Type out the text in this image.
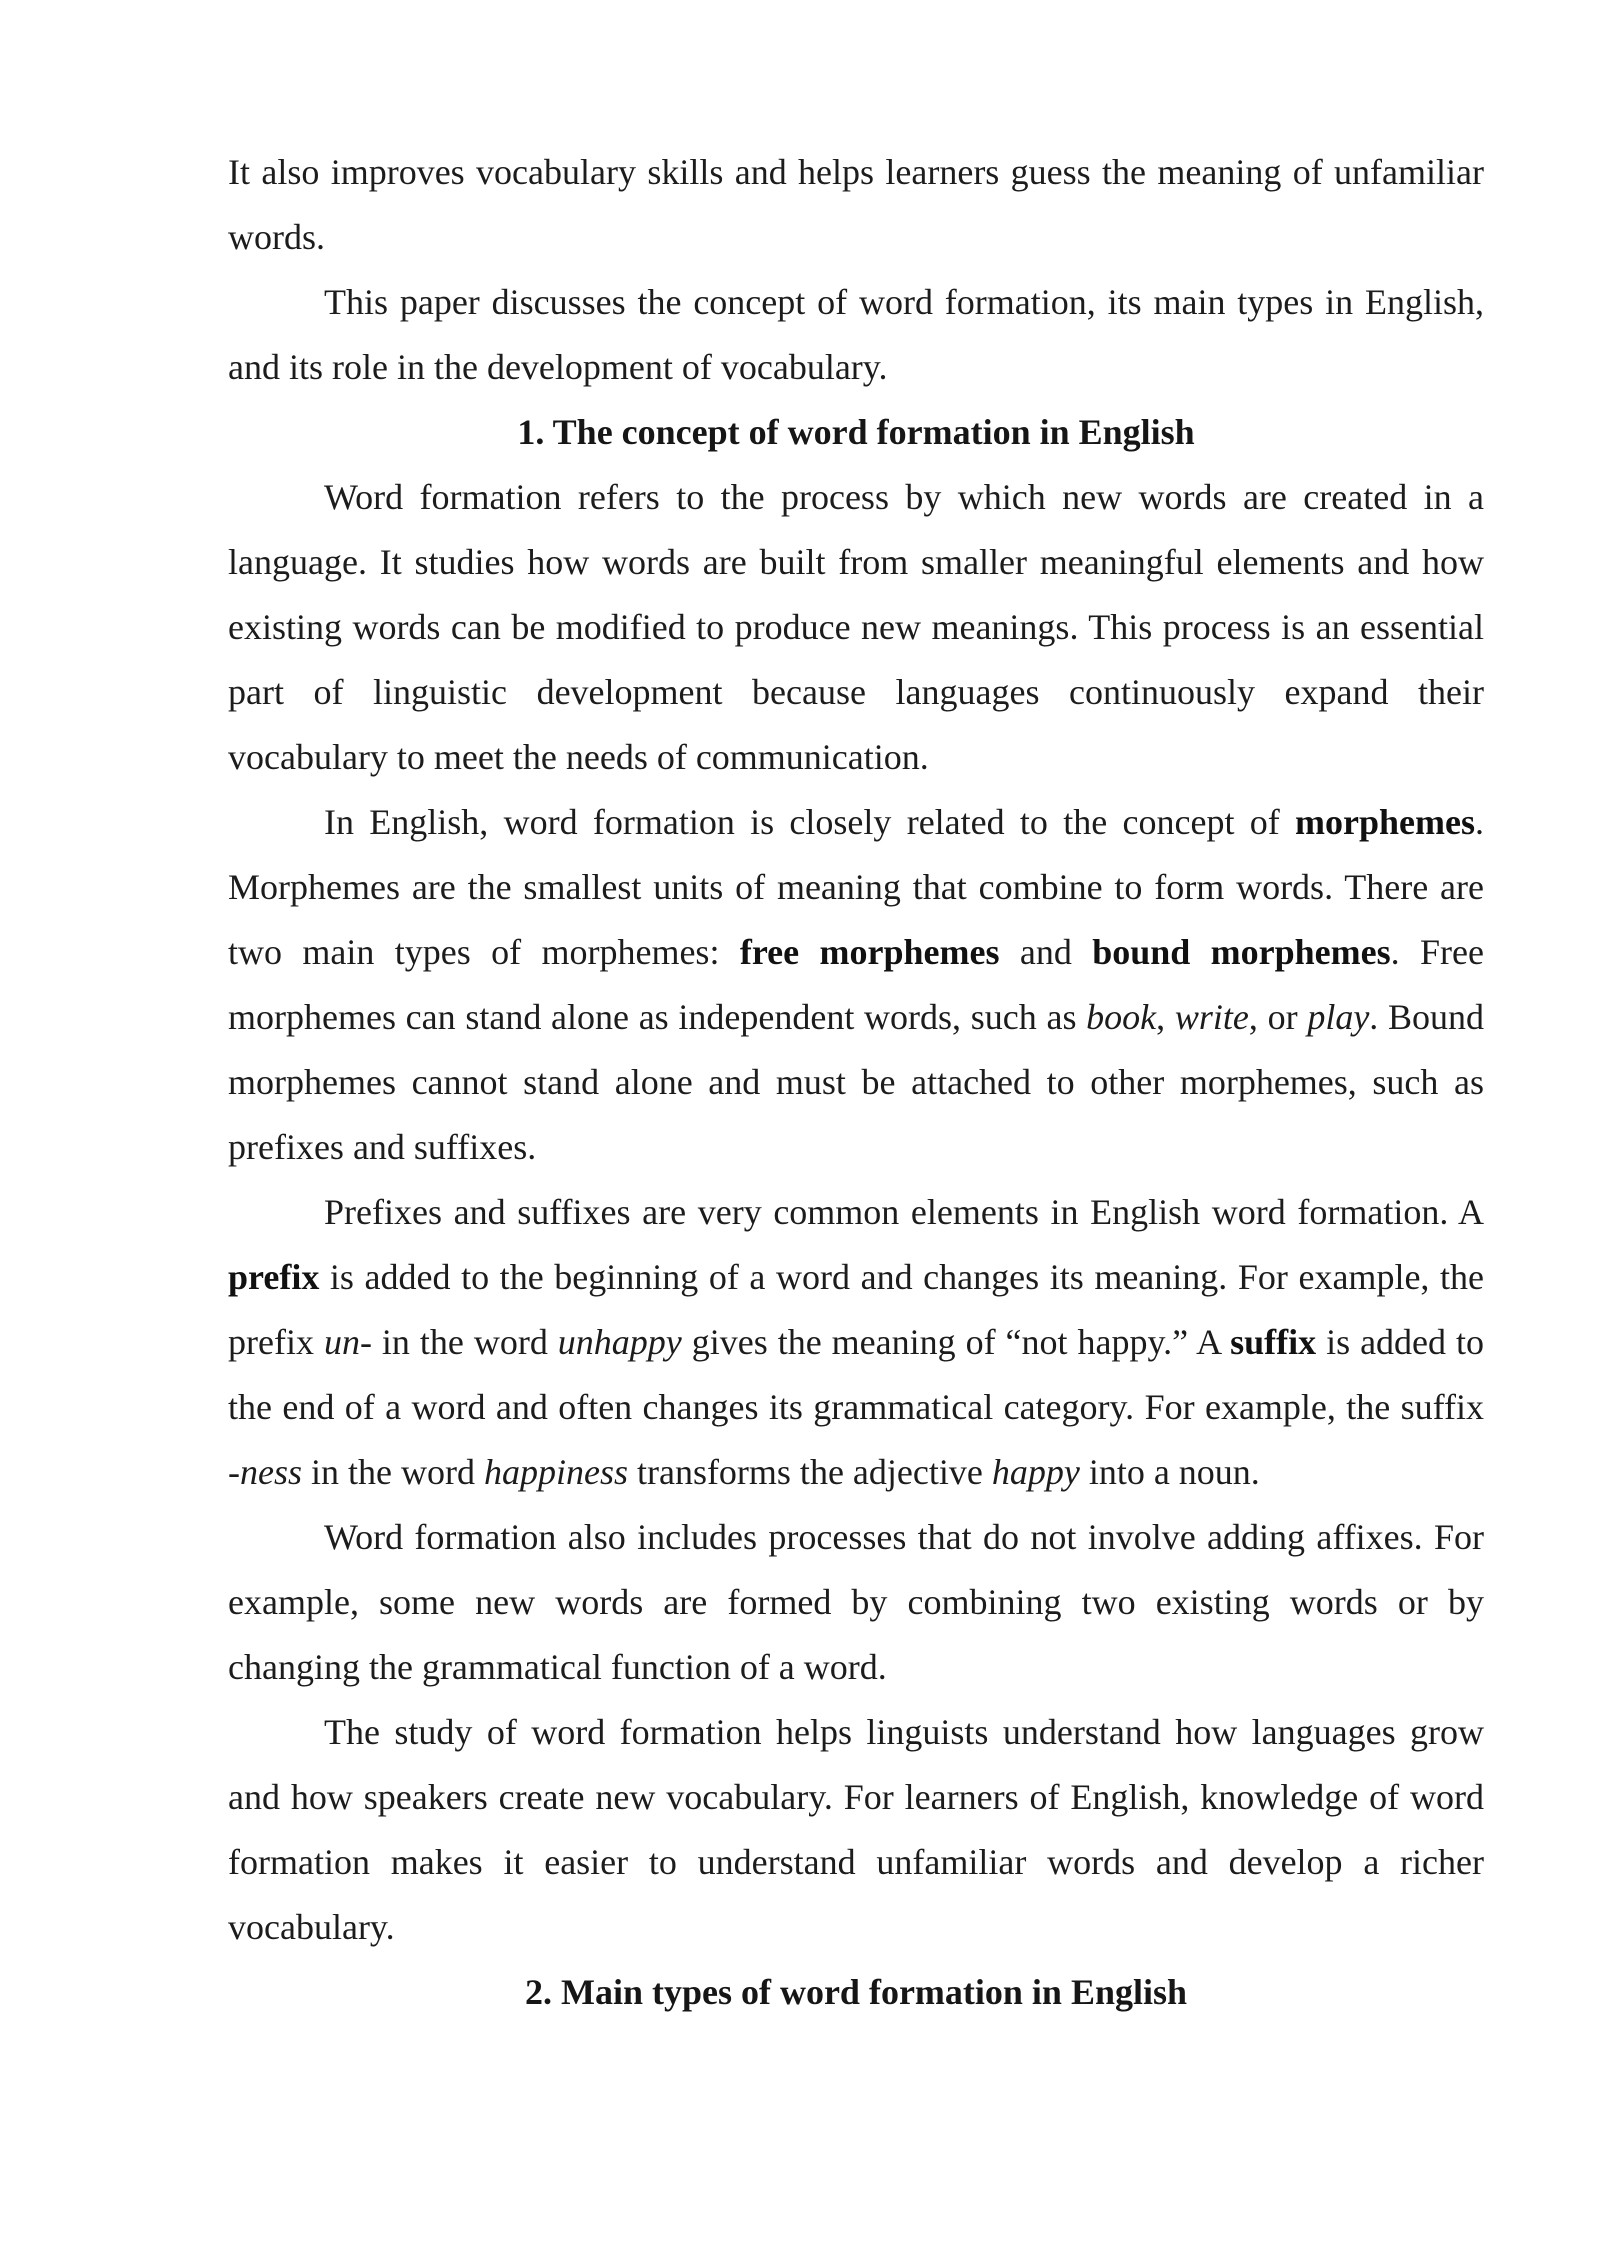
It also improves vocabulary skills and helps learners guess the meaning of unfamiliar words.

This paper discusses the concept of word formation, its main types in English, and its role in the development of vocabulary.

1. The concept of word formation in English

Word formation refers to the process by which new words are created in a language. It studies how words are built from smaller meaningful elements and how existing words can be modified to produce new meanings. This process is an essential part of linguistic development because languages continuously expand their vocabulary to meet the needs of communication.

In English, word formation is closely related to the concept of morphemes. Morphemes are the smallest units of meaning that combine to form words. There are two main types of morphemes: free morphemes and bound morphemes. Free morphemes can stand alone as independent words, such as book, write, or play. Bound morphemes cannot stand alone and must be attached to other morphemes, such as prefixes and suffixes.

Prefixes and suffixes are very common elements in English word formation. A prefix is added to the beginning of a word and changes its meaning. For example, the prefix un- in the word unhappy gives the meaning of “not happy.” A suffix is added to the end of a word and often changes its grammatical category. For example, the suffix -ness in the word happiness transforms the adjective happy into a noun.

Word formation also includes processes that do not involve adding affixes. For example, some new words are formed by combining two existing words or by changing the grammatical function of a word.

The study of word formation helps linguists understand how languages grow and how speakers create new vocabulary. For learners of English, knowledge of word formation makes it easier to understand unfamiliar words and develop a richer vocabulary.

2. Main types of word formation in English
